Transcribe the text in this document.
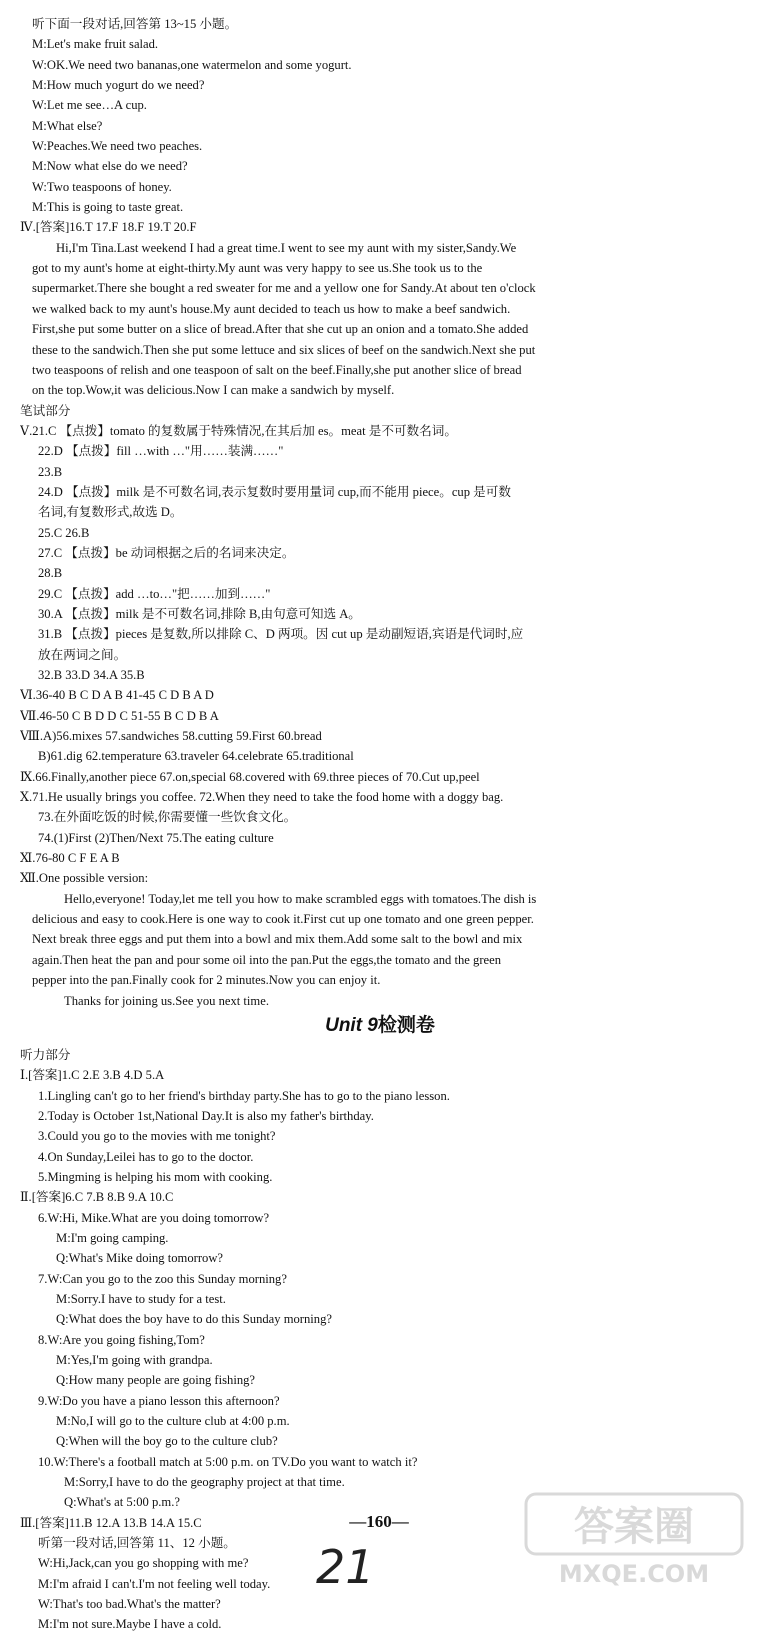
听下面一段对话,回答第 13~15 小题。
M:Let's make fruit salad.
W:OK.We need two bananas,one watermelon and some yogurt.
M:How much yogurt do we need?
W:Let me see…A cup.
M:What else?
W:Peaches.We need two peaches.
M:Now what else do we need?
W:Two teaspoons of honey.
M:This is going to taste great.
Ⅳ.[答案]16.T 17.F 18.F 19.T 20.F
Hi,I'm Tina.Last weekend I had a great time.I went to see my aunt with my sister,Sandy.We
got to my aunt's home at eight-thirty.My aunt was very happy to see us.She took us to the
supermarket.There she bought a red sweater for me and a yellow one for Sandy.At about ten o'clock
we walked back to my aunt's house.My aunt decided to teach us how to make a beef sandwich.
First,she put some butter on a slice of bread.After that she cut up an onion and a tomato.She added
these to the sandwich.Then she put some lettuce and six slices of beef on the sandwich.Next she put
two teaspoons of relish and one teaspoon of salt on the beef.Finally,she put another slice of bread
on the top.Wow,it was delicious.Now I can make a sandwich by myself.
笔试部分
Ⅴ.21.C 【点拨】tomato 的复数属于特殊情况,在其后加 es。meat 是不可数名词。
22.D 【点拨】fill …with …"用……装满……"
23.B
24.D 【点拨】milk 是不可数名词,表示复数时要用量词 cup,而不能用 piece。cup 是可数
名词,有复数形式,故选 D。
25.C 26.B
27.C 【点拨】be 动词根据之后的名词来决定。
28.B
29.C 【点拨】add …to…"把……加到……"
30.A 【点拨】milk 是不可数名词,排除 B,由句意可知选 A。
31.B 【点拨】pieces 是复数,所以排除 C、D 两项。因 cut up 是动副短语,宾语是代词时,应
放在两词之间。
32.B 33.D 34.A 35.B
Ⅵ.36-40 B C D A B 41-45 C D B A D
Ⅶ.46-50 C B D D C 51-55 B C D B A
Ⅷ.A)56.mixes 57.sandwiches 58.cutting 59.First 60.bread
B)61.dig 62.temperature 63.traveler 64.celebrate 65.traditional
Ⅸ.66.Finally,another piece 67.on,special 68.covered with 69.three pieces of 70.Cut up,peel
Ⅹ.71.He usually brings you coffee. 72.When they need to take the food home with a doggy bag.
73.在外面吃饭的时候,你需要懂一些饮食文化。
74.(1)First (2)Then/Next 75.The eating culture
Ⅺ.76-80 C F E A B
Ⅻ.One possible version:
Hello,everyone! Today,let me tell you how to make scrambled eggs with tomatoes.The dish is
delicious and easy to cook.Here is one way to cook it.First cut up one tomato and one green pepper.
Next break three eggs and put them into a bowl and mix them.Add some salt to the bowl and mix
again.Then heat the pan and pour some oil into the pan.Put the eggs,the tomato and the green
pepper into the pan.Finally cook for 2 minutes.Now you can enjoy it.
Thanks for joining us.See you next time.
Unit 9检测卷
听力部分
Ⅰ.[答案]1.C 2.E 3.B 4.D 5.A
1.Lingling can't go to her friend's birthday party.She has to go to the piano lesson.
2.Today is October 1st,National Day.It is also my father's birthday.
3.Could you go to the movies with me tonight?
4.On Sunday,Leilei has to go to the doctor.
5.Mingming is helping his mom with cooking.
Ⅱ.[答案]6.C 7.B 8.B 9.A 10.C
6.W:Hi, Mike.What are you doing tomorrow?
M:I'm going camping.
Q:What's Mike doing tomorrow?
7.W:Can you go to the zoo this Sunday morning?
M:Sorry.I have to study for a test.
Q:What does the boy have to do this Sunday morning?
8.W:Are you going fishing,Tom?
M:Yes,I'm going with grandpa.
Q:How many people are going fishing?
9.W:Do you have a piano lesson this afternoon?
M:No,I will go to the culture club at 4:00 p.m.
Q:When will the boy go to the culture club?
10.W:There's a football match at 5:00 p.m. on TV.Do you want to watch it?
M:Sorry,I have to do the geography project at that time.
Q:What's at 5:00 p.m.?
Ⅲ.[答案]11.B 12.A 13.B 14.A 15.C
听第一段对话,回答第 11、12 小题。
W:Hi,Jack,can you go shopping with me?
M:I'm afraid I can't.I'm not feeling well today.
W:That's too bad.What's the matter?
M:I'm not sure.Maybe I have a cold.
—160—
21
答案圈
MXQE.COM
